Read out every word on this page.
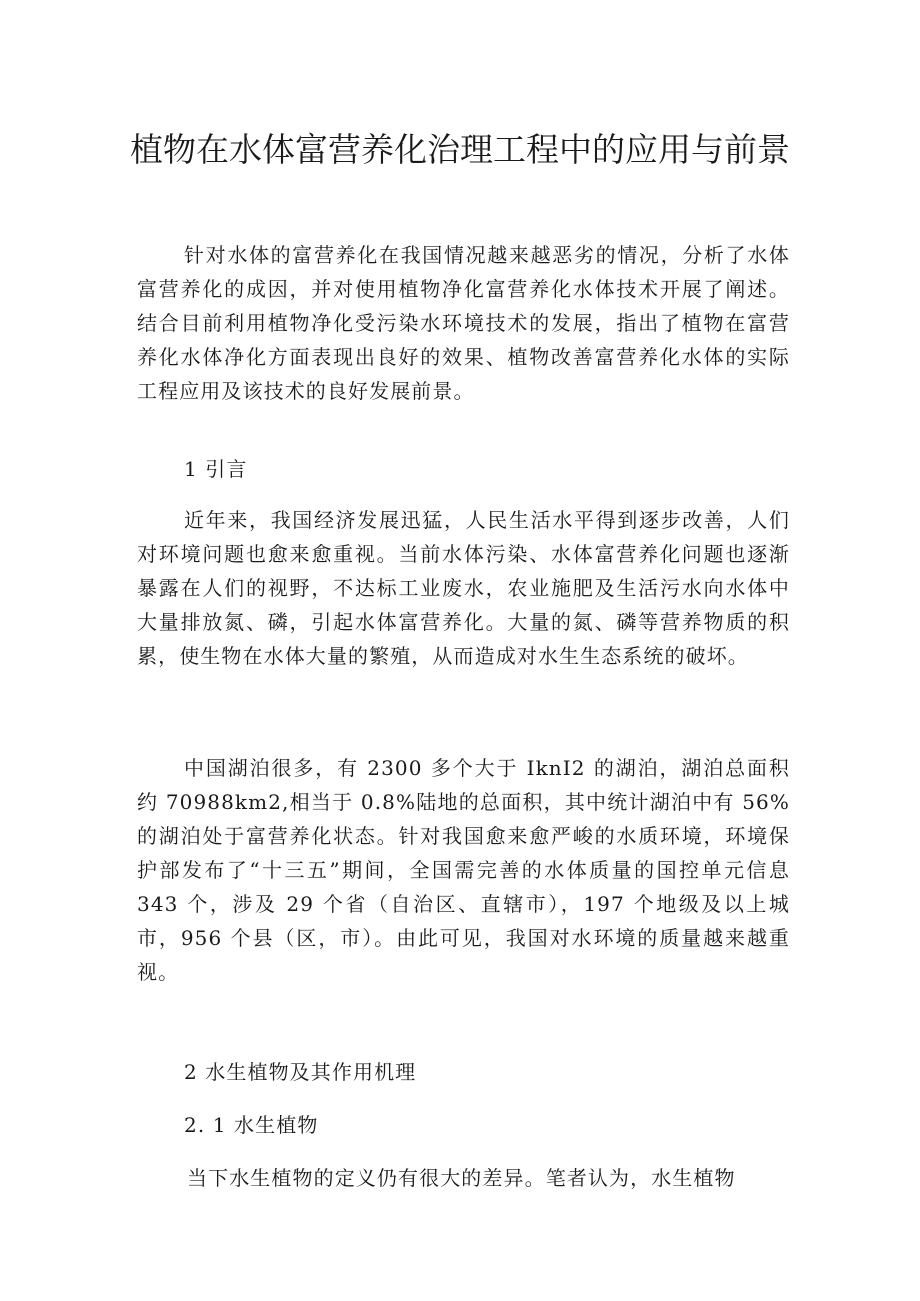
植物在水体富营养化治理工程中的应用与前景

针对水体的富营养化在我国情况越来越恶劣的情况，分析了水体富营养化的成因，并对使用植物净化富营养化水体技术开展了阐述。结合目前利用植物净化受污染水环境技术的发展，指出了植物在富营养化水体净化方面表现出良好的效果、植物改善富营养化水体的实际工程应用及该技术的良好发展前景。

1 引言

近年来，我国经济发展迅猛，人民生活水平得到逐步改善，人们对环境问题也愈来愈重视。当前水体污染、水体富营养化问题也逐渐暴露在人们的视野，不达标工业废水，农业施肥及生活污水向水体中大量排放氮、磷，引起水体富营养化。大量的氮、磷等营养物质的积累，使生物在水体大量的繁殖，从而造成对水生生态系统的破坏。

中国湖泊很多，有 2300 多个大于 IknI2 的湖泊，湖泊总面积约 70988km2,相当于 0.8%陆地的总面积，其中统计湖泊中有 56%的湖泊处于富营养化状态。针对我国愈来愈严峻的水质环境，环境保护部发布了“十三五”期间，全国需完善的水体质量的国控单元信息 343 个，涉及 29 个省（自治区、直辖市），197 个地级及以上城市，956 个县（区，市）。由此可见，我国对水环境的质量越来越重视。

2 水生植物及其作用机理
2. 1 水生植物

当下水生植物的定义仍有很大的差异。笔者认为，水生植物
